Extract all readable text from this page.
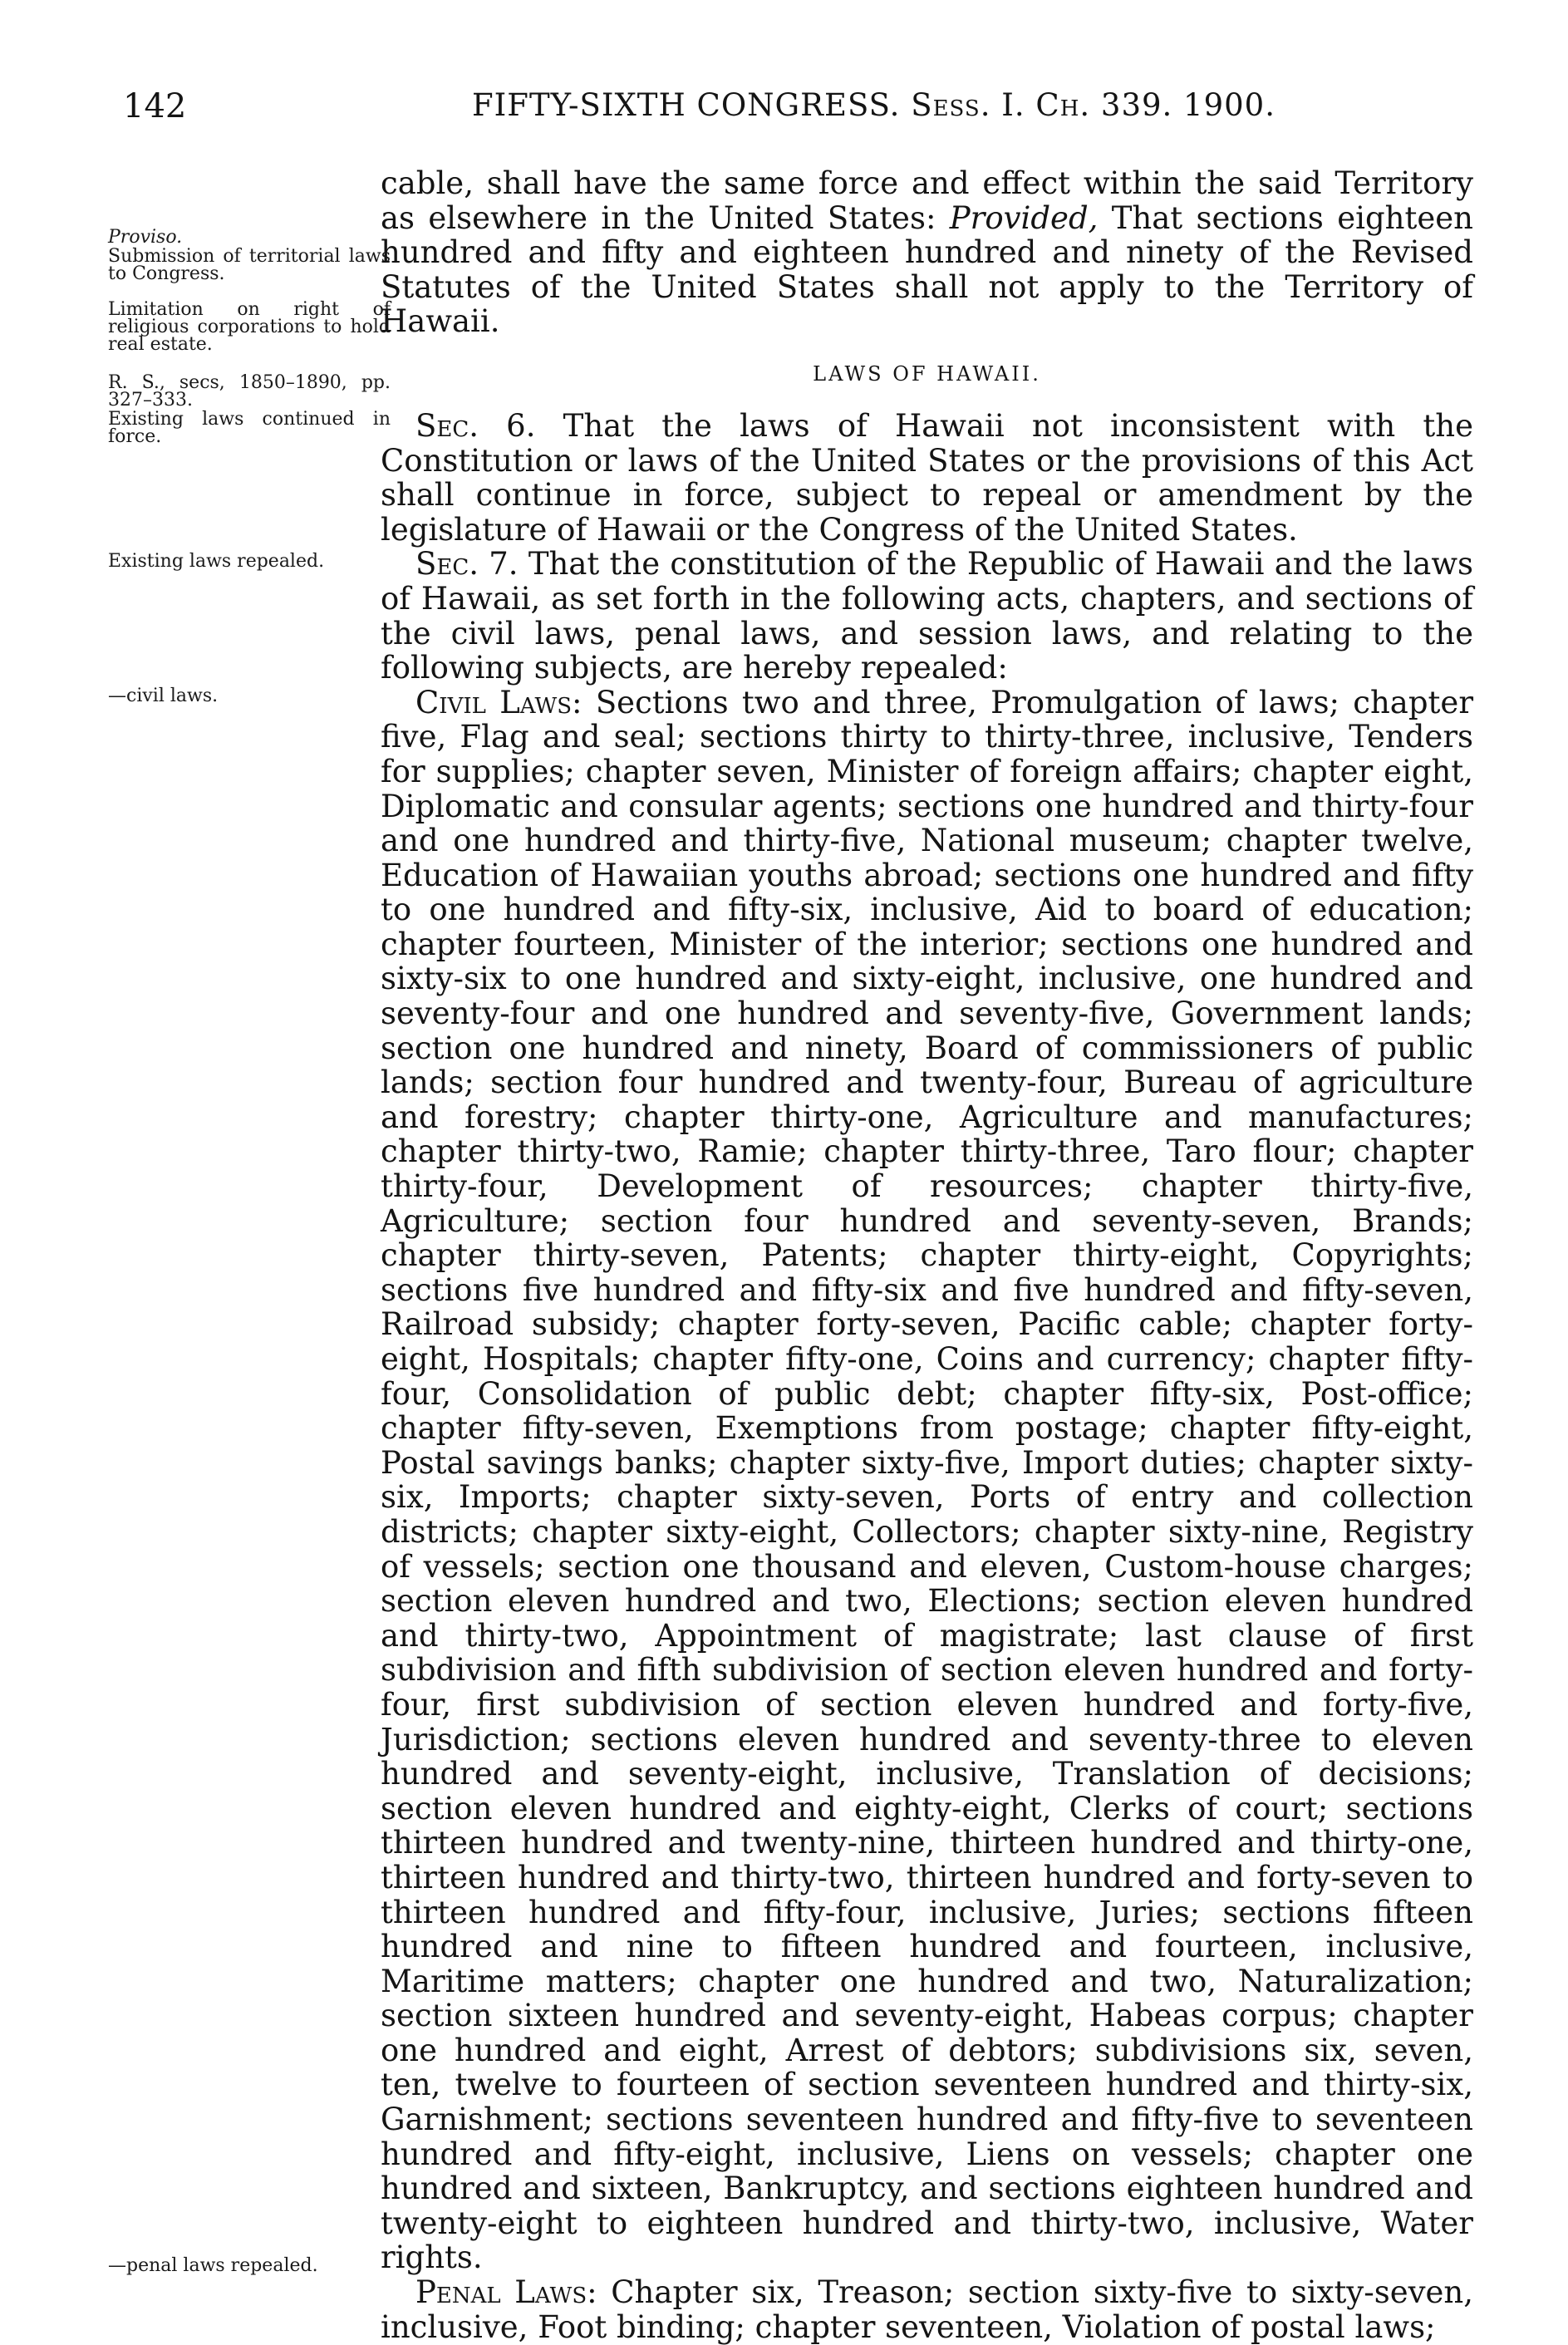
142	FIFTY-SIXTH CONGRESS. Sess. I. Ch. 339. 1900.
Proviso.
Submission of territorial laws to Congress.
Limitation on right of religious corporations to hold real estate.
R. S., secs, 1850–1890, pp. 327–333.
Existing laws continued in force.
Existing laws repealed.
—civil laws.
—penal laws repealed.

cable, shall have the same force and effect within the said Territory as elsewhere in the United States: Provided, That sections eighteen hundred and fifty and eighteen hundred and ninety of the Revised Statutes of the United States shall not apply to the Territory of Hawaii.

LAWS OF HAWAII.

Sec. 6. That the laws of Hawaii not inconsistent with the Constitution or laws of the United States or the provisions of this Act shall continue in force, subject to repeal or amendment by the legislature of Hawaii or the Congress of the United States.

Sec. 7. That the constitution of the Republic of Hawaii and the laws of Hawaii, as set forth in the following acts, chapters, and sections of the civil laws, penal laws, and session laws, and relating to the following subjects, are hereby repealed:

Civil Laws: Sections two and three, Promulgation of laws; chapter five, Flag and seal; sections thirty to thirty-three, inclusive, Tenders for supplies; chapter seven, Minister of foreign affairs; chapter eight, Diplomatic and consular agents; sections one hundred and thirty-four and one hundred and thirty-five, National museum; chapter twelve, Education of Hawaiian youths abroad; sections one hundred and fifty to one hundred and fifty-six, inclusive, Aid to board of education; chapter fourteen, Minister of the interior; sections one hundred and sixty-six to one hundred and sixty-eight, inclusive, one hundred and seventy-four and one hundred and seventy-five, Government lands; section one hundred and ninety, Board of commissioners of public lands; section four hundred and twenty-four, Bureau of agriculture and forestry; chapter thirty-one, Agriculture and manufactures; chapter thirty-two, Ramie; chapter thirty-three, Taro flour; chapter thirty-four, Development of resources; chapter thirty-five, Agriculture; section four hundred and seventy-seven, Brands; chapter thirty-seven, Patents; chapter thirty-eight, Copyrights; sections five hundred and fifty-six and five hundred and fifty-seven, Railroad subsidy; chapter forty-seven, Pacific cable; chapter forty-eight, Hospitals; chapter fifty-one, Coins and currency; chapter fifty-four, Consolidation of public debt; chapter fifty-six, Post-office; chapter fifty-seven, Exemptions from postage; chapter fifty-eight, Postal savings banks; chapter sixty-five, Import duties; chapter sixty-six, Imports; chapter sixty-seven, Ports of entry and collection districts; chapter sixty-eight, Collectors; chapter sixty-nine, Registry of vessels; section one thousand and eleven, Custom-house charges; section eleven hundred and two, Elections; section eleven hundred and thirty-two, Appointment of magistrate; last clause of first subdivision and fifth subdivision of section eleven hundred and forty-four, first subdivision of section eleven hundred and forty-five, Jurisdiction; sections eleven hundred and seventy-three to eleven hundred and seventy-eight, inclusive, Translation of decisions; section eleven hundred and eighty-eight, Clerks of court; sections thirteen hundred and twenty-nine, thirteen hundred and thirty-one, thirteen hundred and thirty-two, thirteen hundred and forty-seven to thirteen hundred and fifty-four, inclusive, Juries; sections fifteen hundred and nine to fifteen hundred and fourteen, inclusive, Maritime matters; chapter one hundred and two, Naturalization; section sixteen hundred and seventy-eight, Habeas corpus; chapter one hundred and eight, Arrest of debtors; subdivisions six, seven, ten, twelve to fourteen of section seventeen hundred and thirty-six, Garnishment; sections seventeen hundred and fifty-five to seventeen hundred and fifty-eight, inclusive, Liens on vessels; chapter one hundred and sixteen, Bankruptcy, and sections eighteen hundred and twenty-eight to eighteen hundred and thirty-two, inclusive, Water rights.

Penal Laws: Chapter six, Treason; section sixty-five to sixty-seven, inclusive, Foot binding; chapter seventeen, Violation of postal laws;
